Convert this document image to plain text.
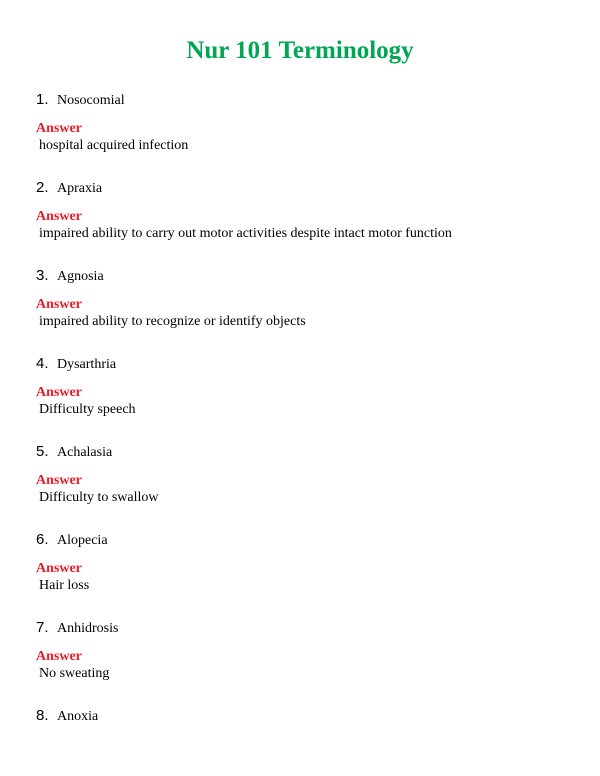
Nur 101 Terminology
1. Nosocomial
Answer
hospital acquired infection
2. Apraxia
Answer
impaired ability to carry out motor activities despite intact motor function
3. Agnosia
Answer
impaired ability to recognize or identify objects
4. Dysarthria
Answer
Difficulty speech
5. Achalasia
Answer
Difficulty to swallow
6. Alopecia
Answer
Hair loss
7. Anhidrosis
Answer
No sweating
8. Anoxia
